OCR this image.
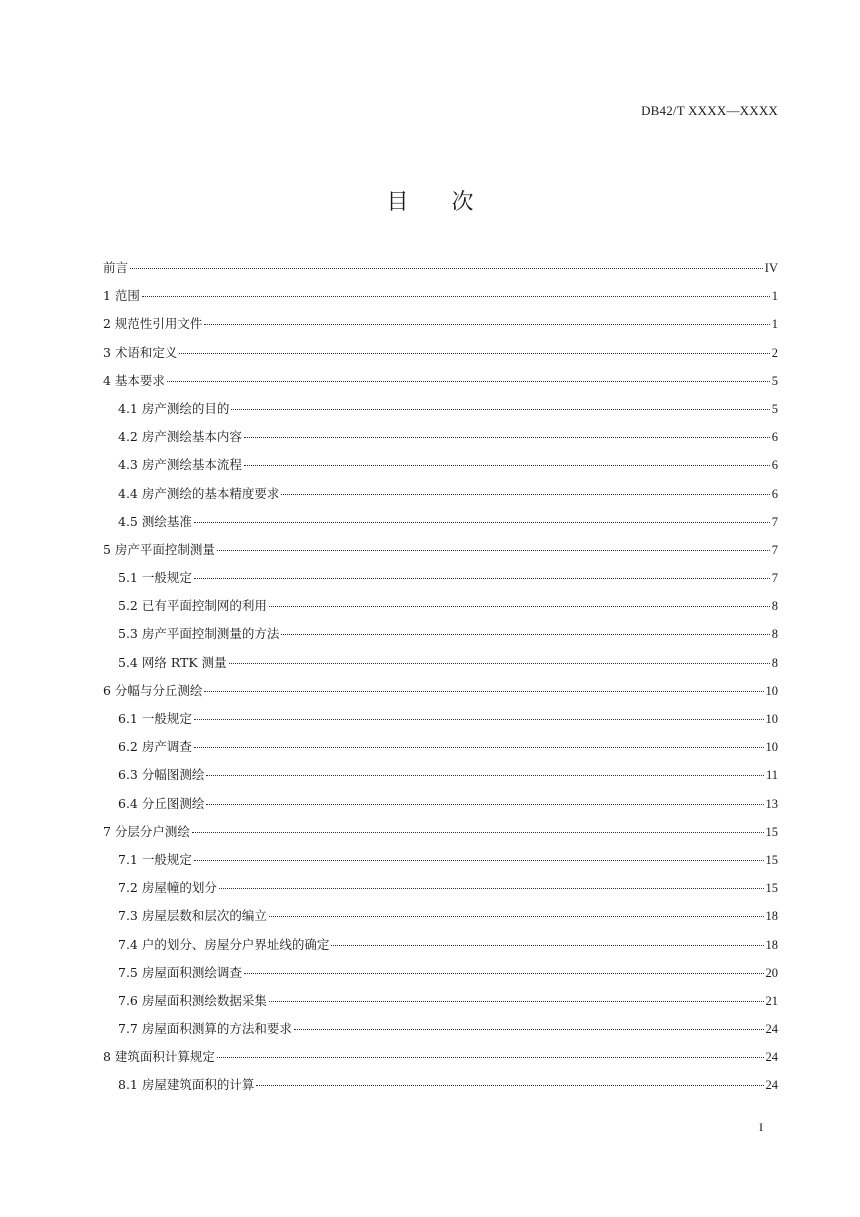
DB42/T XXXX—XXXX
目 次
前言	IV
1 范围	1
2 规范性引用文件	1
3 术语和定义	2
4 基本要求	5
4.1 房产测绘的目的	5
4.2 房产测绘基本内容	6
4.3 房产测绘基本流程	6
4.4 房产测绘的基本精度要求	6
4.5 测绘基准	7
5 房产平面控制测量	7
5.1 一般规定	7
5.2 已有平面控制网的利用	8
5.3 房产平面控制测量的方法	8
5.4 网络 RTK 测量	8
6 分幅与分丘测绘	10
6.1 一般规定	10
6.2 房产调查	10
6.3 分幅图测绘	11
6.4 分丘图测绘	13
7 分层分户测绘	15
7.1 一般规定	15
7.2 房屋幢的划分	15
7.3 房屋层数和层次的编立	18
7.4 户的划分、房屋分户界址线的确定	18
7.5 房屋面积测绘调查	20
7.6 房屋面积测绘数据采集	21
7.7 房屋面积测算的方法和要求	24
8 建筑面积计算规定	24
8.1 房屋建筑面积的计算	24
I
